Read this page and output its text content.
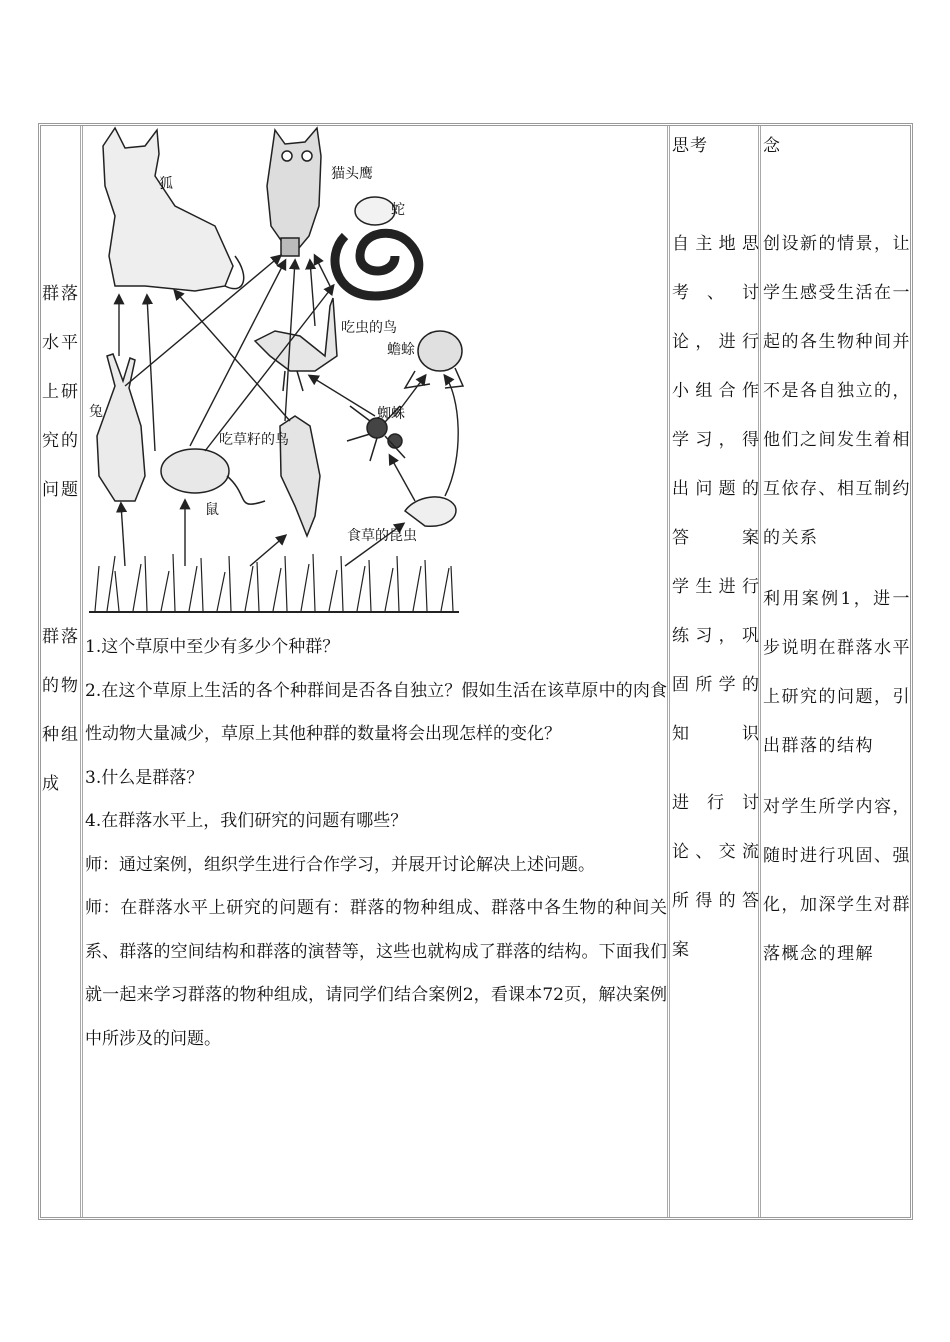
群落

水平

上研

究的

问题

群落

的物

种组

成

狐
猫头鹰
蛇
吃虫的鸟
蟾蜍
兔	蜘蛛
吃草籽的鸟
鼠
食草的昆虫

1.这个草原中至少有多少个种群？

2.在这个草原上生活的各个种群间是否各自独立？假如生活在该草原中的肉食性动物大量减少，草原上其他种群的数量将会出现怎样的变化？

3.什么是群落？

4.在群落水平上，我们研究的问题有哪些？

师：通过案例，组织学生进行合作学习，并展开讨论解决上述问题。

师：在群落水平上研究的问题有：群落的物种组成、群落中各生物的种间关系、群落的空间结构和群落的演替等，这些也就构成了群落的结构。下面我们就一起来学习群落的物种组成，请同学们结合案例2，看课本72页，解决案例中所涉及的问题。

思考

自主地思考、讨论，进行小组合作学习，得出问题的答案

学生进行练习，巩固所学的知识

进行讨论、交流所得的答案

念

创设新的情景，让学生感受生活在一起的各生物种间并不是各自独立的，他们之间发生着相互依存、相互制约的关系

利用案例1，进一步说明在群落水平上研究的问题，引出群落的结构

对学生所学内容，随时进行巩固、强化，加深学生对群落概念的理解
